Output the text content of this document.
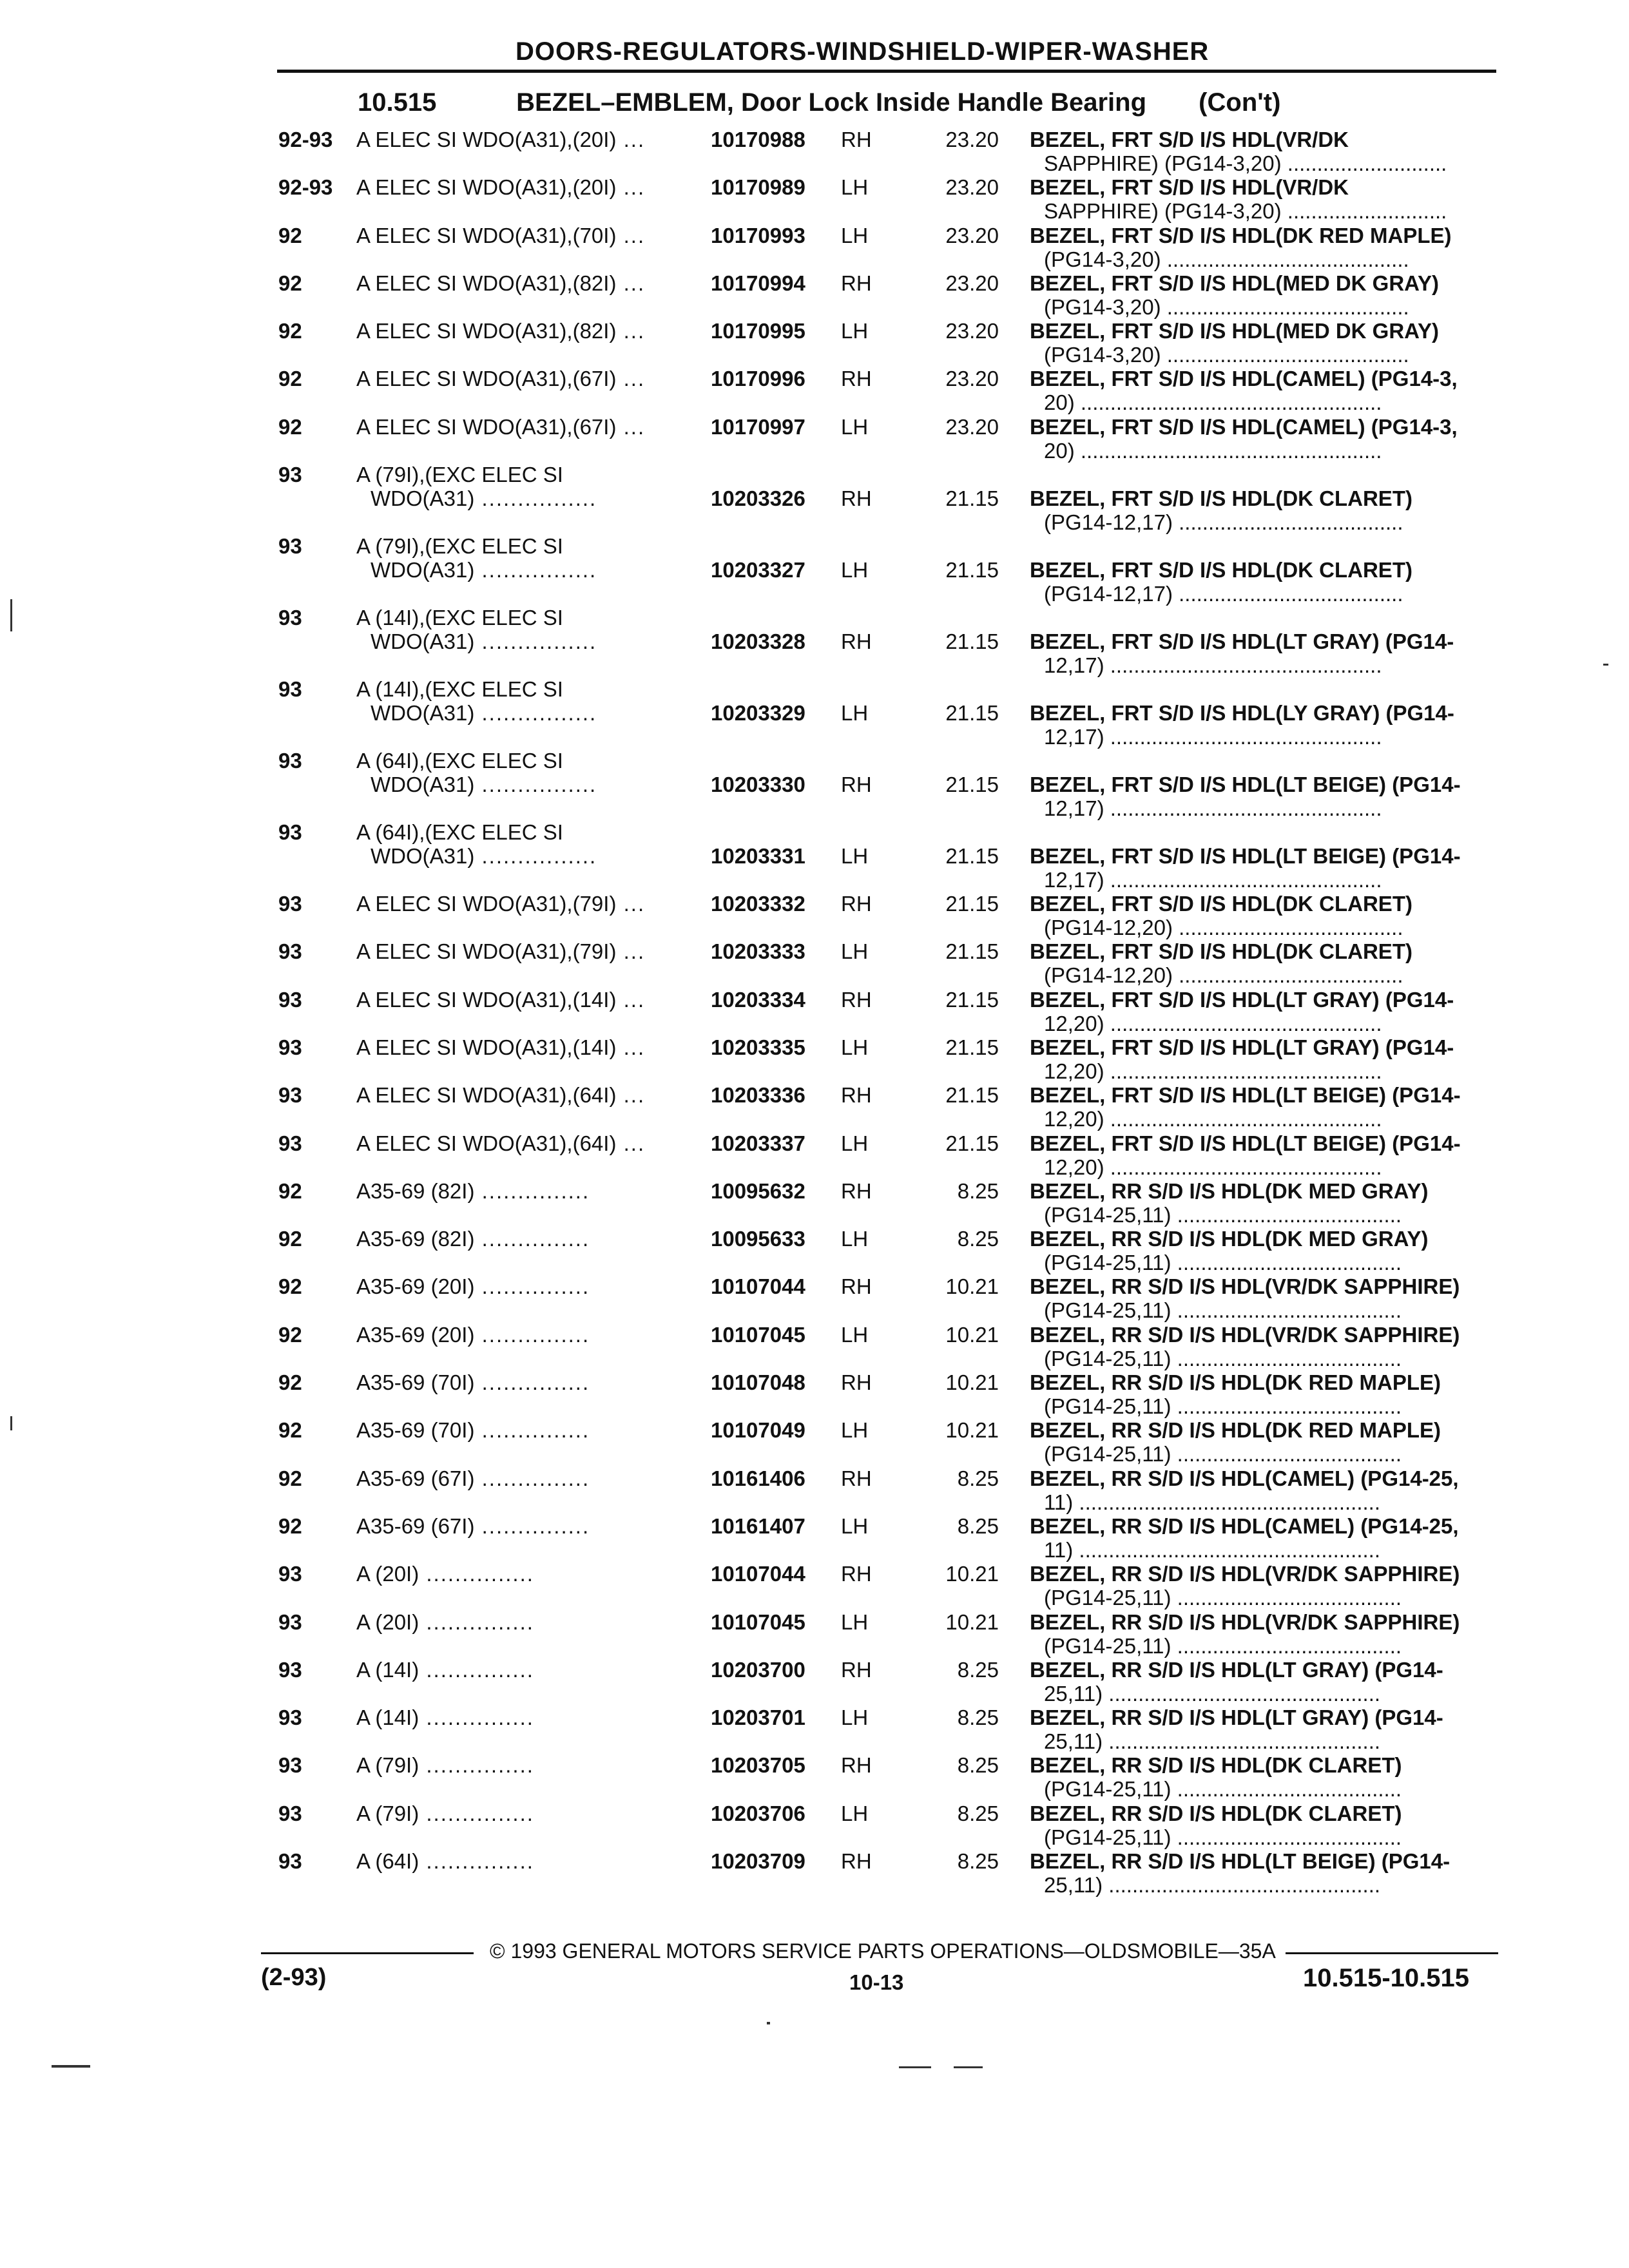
DOORS-REGULATORS-WINDSHIELD-WIPER-WASHER
10.515	BEZEL–EMBLEM, Door Lock Inside Handle Bearing (Con't)
92-93	A ELEC SI WDO(A31),(20I) ...	10170988 RH	23.20 BEZEL, FRT S/D I/S HDL(VR/DK
SAPPHIRE) (PG14-3,20) ...........................
92-93	A ELEC SI WDO(A31),(20I) ...	10170989 LH	23.20 BEZEL, FRT S/D I/S HDL(VR/DK
SAPPHIRE) (PG14-3,20) ...........................
92	A ELEC SI WDO(A31),(70I) ...	10170993 LH	23.20 BEZEL, FRT S/D I/S HDL(DK RED MAPLE)
(PG14-3,20) .........................................
92	A ELEC SI WDO(A31),(82I) ...	10170994 RH	23.20 BEZEL, FRT S/D I/S HDL(MED DK GRAY)
(PG14-3,20) .........................................
92	A ELEC SI WDO(A31),(82I) ...	10170995 LH	23.20 BEZEL, FRT S/D I/S HDL(MED DK GRAY)
(PG14-3,20) .........................................
92	A ELEC SI WDO(A31),(67I) ...	10170996 RH	23.20 BEZEL, FRT S/D I/S HDL(CAMEL) (PG14-3,
20) ...................................................
92	A ELEC SI WDO(A31),(67I) ...	10170997 LH	23.20 BEZEL, FRT S/D I/S HDL(CAMEL) (PG14-3,
20) ...................................................
93	A (79I),(EXC ELEC SI
WDO(A31) ................	10203326 RH	21.15 BEZEL, FRT S/D I/S HDL(DK CLARET)
(PG14-12,17) ......................................
93	A (79I),(EXC ELEC SI
WDO(A31) ................	10203327 LH	21.15 BEZEL, FRT S/D I/S HDL(DK CLARET)
(PG14-12,17) ......................................
93	A (14I),(EXC ELEC SI
WDO(A31) ................	10203328 RH	21.15 BEZEL, FRT S/D I/S HDL(LT GRAY) (PG14-
12,17) ..............................................
93	A (14I),(EXC ELEC SI
WDO(A31) ................	10203329 LH	21.15 BEZEL, FRT S/D I/S HDL(LY GRAY) (PG14-
12,17) ..............................................
93	A (64I),(EXC ELEC SI
WDO(A31) ................	10203330 RH	21.15 BEZEL, FRT S/D I/S HDL(LT BEIGE) (PG14-
12,17) ..............................................
93	A (64I),(EXC ELEC SI
WDO(A31) ................	10203331 LH	21.15 BEZEL, FRT S/D I/S HDL(LT BEIGE) (PG14-
12,17) ..............................................
93	A ELEC SI WDO(A31),(79I) ...	10203332 RH	21.15 BEZEL, FRT S/D I/S HDL(DK CLARET)
(PG14-12,20) ......................................
93	A ELEC SI WDO(A31),(79I) ...	10203333 LH	21.15 BEZEL, FRT S/D I/S HDL(DK CLARET)
(PG14-12,20) ......................................
93	A ELEC SI WDO(A31),(14I) ...	10203334 RH	21.15 BEZEL, FRT S/D I/S HDL(LT GRAY) (PG14-
12,20) ..............................................
93	A ELEC SI WDO(A31),(14I) ...	10203335 LH	21.15 BEZEL, FRT S/D I/S HDL(LT GRAY) (PG14-
12,20) ..............................................
93	A ELEC SI WDO(A31),(64I) ...	10203336 RH	21.15 BEZEL, FRT S/D I/S HDL(LT BEIGE) (PG14-
12,20) ..............................................
93	A ELEC SI WDO(A31),(64I) ...	10203337 LH	21.15 BEZEL, FRT S/D I/S HDL(LT BEIGE) (PG14-
12,20) ..............................................
92	A35-69 (82I) ...............	10095632 RH	8.25 BEZEL, RR S/D I/S HDL(DK MED GRAY)
(PG14-25,11) ......................................
92	A35-69 (82I) ...............	10095633 LH	8.25 BEZEL, RR S/D I/S HDL(DK MED GRAY)
(PG14-25,11) ......................................
92	A35-69 (20I) ...............	10107044 RH	10.21 BEZEL, RR S/D I/S HDL(VR/DK SAPPHIRE)
(PG14-25,11) ......................................
92	A35-69 (20I) ...............	10107045 LH	10.21 BEZEL, RR S/D I/S HDL(VR/DK SAPPHIRE)
(PG14-25,11) ......................................
92	A35-69 (70I) ...............	10107048 RH	10.21 BEZEL, RR S/D I/S HDL(DK RED MAPLE)
(PG14-25,11) ......................................
92	A35-69 (70I) ...............	10107049 LH	10.21 BEZEL, RR S/D I/S HDL(DK RED MAPLE)
(PG14-25,11) ......................................
92	A35-69 (67I) ...............	10161406 RH	8.25 BEZEL, RR S/D I/S HDL(CAMEL) (PG14-25,
11) ...................................................
92	A35-69 (67I) ...............	10161407 LH	8.25 BEZEL, RR S/D I/S HDL(CAMEL) (PG14-25,
11) ...................................................
93	A (20I) ...............	10107044 RH	10.21 BEZEL, RR S/D I/S HDL(VR/DK SAPPHIRE)
(PG14-25,11) ......................................
93	A (20I) ...............	10107045 LH	10.21 BEZEL, RR S/D I/S HDL(VR/DK SAPPHIRE)
(PG14-25,11) ......................................
93	A (14I) ...............	10203700 RH	8.25 BEZEL, RR S/D I/S HDL(LT GRAY) (PG14-
25,11) ..............................................
93	A (14I) ...............	10203701 LH	8.25 BEZEL, RR S/D I/S HDL(LT GRAY) (PG14-
25,11) ..............................................
93	A (79I) ...............	10203705 RH	8.25 BEZEL, RR S/D I/S HDL(DK CLARET)
(PG14-25,11) ......................................
93	A (79I) ...............	10203706 LH	8.25 BEZEL, RR S/D I/S HDL(DK CLARET)
(PG14-25,11) ......................................
93	A (64I) ...............	10203709 RH	8.25 BEZEL, RR S/D I/S HDL(LT BEIGE) (PG14-
25,11) ..............................................
© 1993 GENERAL MOTORS SERVICE PARTS OPERATIONS—OLDSMOBILE—35A
(2-93)	10-13	10.515-10.515
